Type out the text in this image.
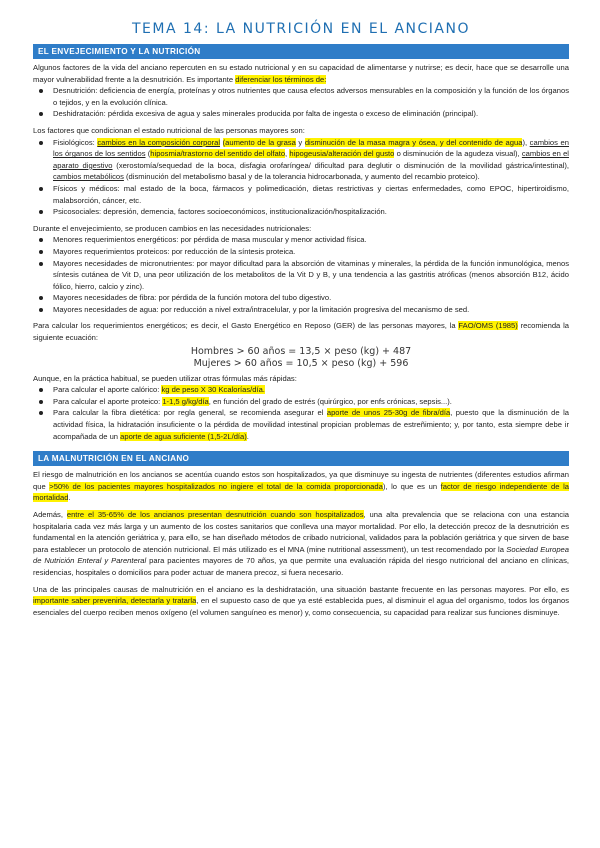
TEMA 14: LA NUTRICIÓN EN EL ANCIANO
EL ENVEJECIMIENTO Y LA NUTRICIÓN

Algunos factores de la vida del anciano repercuten en su estado nutricional y en su capacidad de alimentarse y nutrirse; es decir, hace que se desarrolle una mayor vulnerabilidad frente a la desnutrición. Es importante diferenciar los términos de:

Desnutrición: deficiencia de energía, proteínas y otros nutrientes que causa efectos adversos mensurables en la composición y la función de los órganos o tejidos, y en la evolución clínica.
Deshidratación: pérdida excesiva de agua y sales minerales producida por falta de ingesta o exceso de eliminación (principal).

Los factores que condicionan el estado nutricional de las personas mayores son:

Fisiológicos: cambios en la composición corporal (aumento de la grasa y disminución de la masa magra y ósea, y del contenido de agua), cambios en los órganos de los sentidos (hiposmia/trastorno del sentido del olfato, hipogeusia/alteración del gusto o disminución de la agudeza visual), cambios en el aparato digestivo (xerostomía/sequedad de la boca, disfagia orofaríngea/ dificultad para deglutir o disminución de la movilidad gástrica/intestinal), cambios metabólicos (disminución del metabolismo basal y de la tolerancia hidrocarbonada, y aumento del recambio proteico).
Físicos y médicos: mal estado de la boca, fármacos y polimedicación, dietas restrictivas y ciertas enfermedades, como EPOC, hipertiroidismo, malabsorción, cáncer, etc.
Psicosociales: depresión, demencia, factores socioeconómicos, institucionalización/hospitalización.

Durante el envejecimiento, se producen cambios en las necesidades nutricionales:

Menores requerimientos energéticos: por pérdida de masa muscular y menor actividad física.
Mayores requerimientos proteicos: por reducción de la síntesis proteica.
Mayores necesidades de micronutrientes: por mayor dificultad para la absorción de vitaminas y minerales, la pérdida de la función inmunológica, menos síntesis cutánea de Vit D, una peor utilización de los metabolitos de la Vit D y B, y una tendencia a las gastritis atróficas (menos absorción B12, ácido fólico, hierro, calcio y zinc).
Mayores necesidades de fibra: por pérdida de la función motora del tubo digestivo.
Mayores necesidades de agua: por reducción a nivel extra/intracelular, y por la limitación progresiva del mecanismo de sed.

Para calcular los requerimientos energéticos; es decir, el Gasto Energético en Reposo (GER) de las personas mayores, la FAO/OMS (1985) recomienda la siguiente ecuación:

Hombres > 60 años = 13,5 × peso (kg) + 487
Mujeres > 60 años = 10,5 × peso (kg) + 596

Aunque, en la práctica habitual, se pueden utilizar otras fórmulas más rápidas:

Para calcular el aporte calórico: kg de peso X 30 Kcalorías/día.
Para calcular el aporte proteico: 1-1,5 g/kg/día, en función del grado de estrés (quirúrgico, por enfs crónicas, sepsis...).
Para calcular la fibra dietética: por regla general, se recomienda asegurar el aporte de unos 25-30g de fibra/día, puesto que la disminución de la actividad física, la hidratación insuficiente o la pérdida de movilidad intestinal propician problemas de estreñimiento; y, por tanto, esta siempre debe ir acompañada de un aporte de agua suficiente (1,5-2L/día).
LA MALNUTRICIÓN EN EL ANCIANO

El riesgo de malnutrición en los ancianos se acentúa cuando estos son hospitalizados, ya que disminuye su ingesta de nutrientes (diferentes estudios afirman que >50% de los pacientes mayores hospitalizados no ingiere el total de la comida proporcionada), lo que es un factor de riesgo independiente de la mortalidad.

Además, entre el 35-65% de los ancianos presentan desnutrición cuando son hospitalizados, una alta prevalencia que se relaciona con una estancia hospitalaria cada vez más larga y un aumento de los costes sanitarios que conlleva una mayor mortalidad. Por ello, la detección precoz de la desnutrición es fundamental en la atención geriátrica y, para ello, se han diseñado métodos de cribado nutricional, validados para la población geriátrica y que sirven de base para establecer un protocolo de atención nutricional. El más utilizado es el MNA (mine nutritional assessment), un test recomendado por la Sociedad Europea de Nutrición Enteral y Parenteral para pacientes mayores de 70 años, ya que permite una evaluación rápida del riesgo nutricional del anciano en clínicas, residencias, hospitales o domicilios para poder actuar de manera precoz, si fuera necesario.

Una de las principales causas de malnutrición en el anciano es la deshidratación, una situación bastante frecuente en las personas mayores. Por ello, es importante saber prevenirla, detectarla y tratarla, en el supuesto caso de que ya esté establecida pues, al disminuir el agua del organismo, todos los órganos esenciales del cuerpo reciben menos oxígeno (el volumen sanguíneo es menor) y, como consecuencia, su capacidad para realizar sus funciones disminuye.
